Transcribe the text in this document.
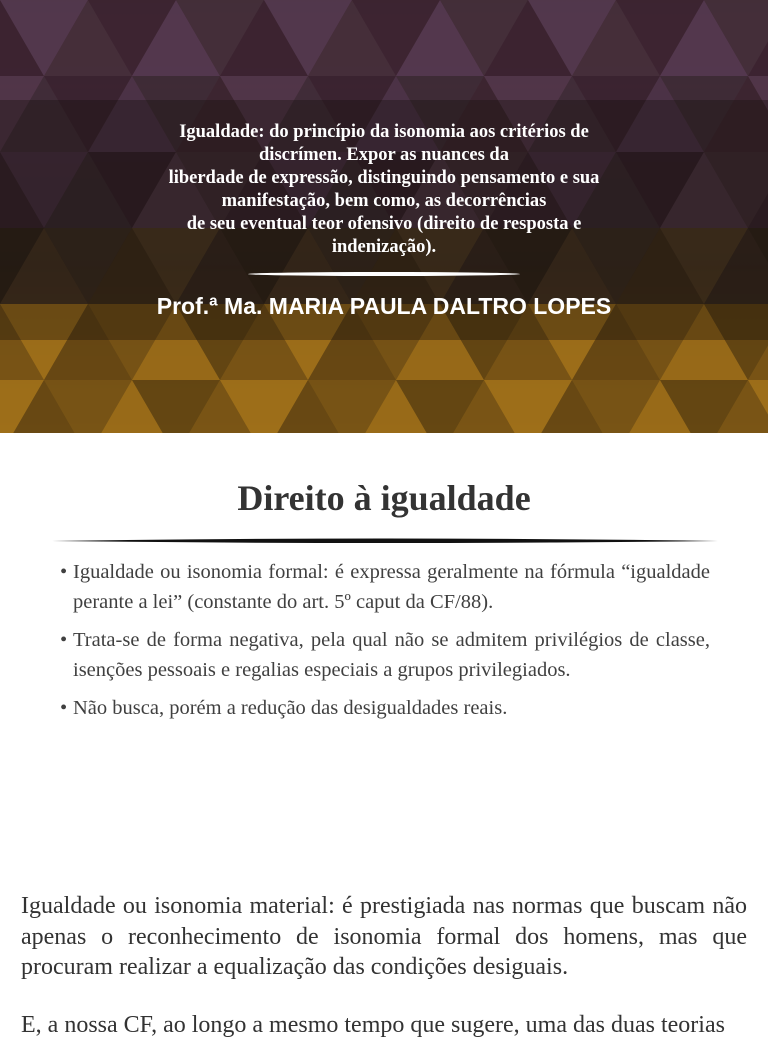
Igualdade: do princípio da isonomia aos critérios de
discrímen. Expor as nuances da
liberdade de expressão, distinguindo pensamento e sua
manifestação, bem como, as decorrências
de seu eventual teor ofensivo (direito de resposta e
indenização).

Prof.ª Ma. MARIA PAULA DALTRO LOPES

Direito à igualdade
• Igualdade ou isonomia formal: é expressa geralmente na fórmula “igualdade perante a lei” (constante do art. 5º caput da CF/88).
• Trata-se de forma negativa, pela qual não se admitem privilégios de classe, isenções pessoais e regalias especiais a grupos privilegiados.
• Não busca, porém a redução das desigualdades reais.

Igualdade ou isonomia material: é prestigiada nas normas que buscam não apenas o reconhecimento de isonomia formal dos homens, mas que procuram realizar a equalização das condições desiguais.

E, a nossa CF, ao longo a mesmo tempo que sugere, uma das duas teorias
